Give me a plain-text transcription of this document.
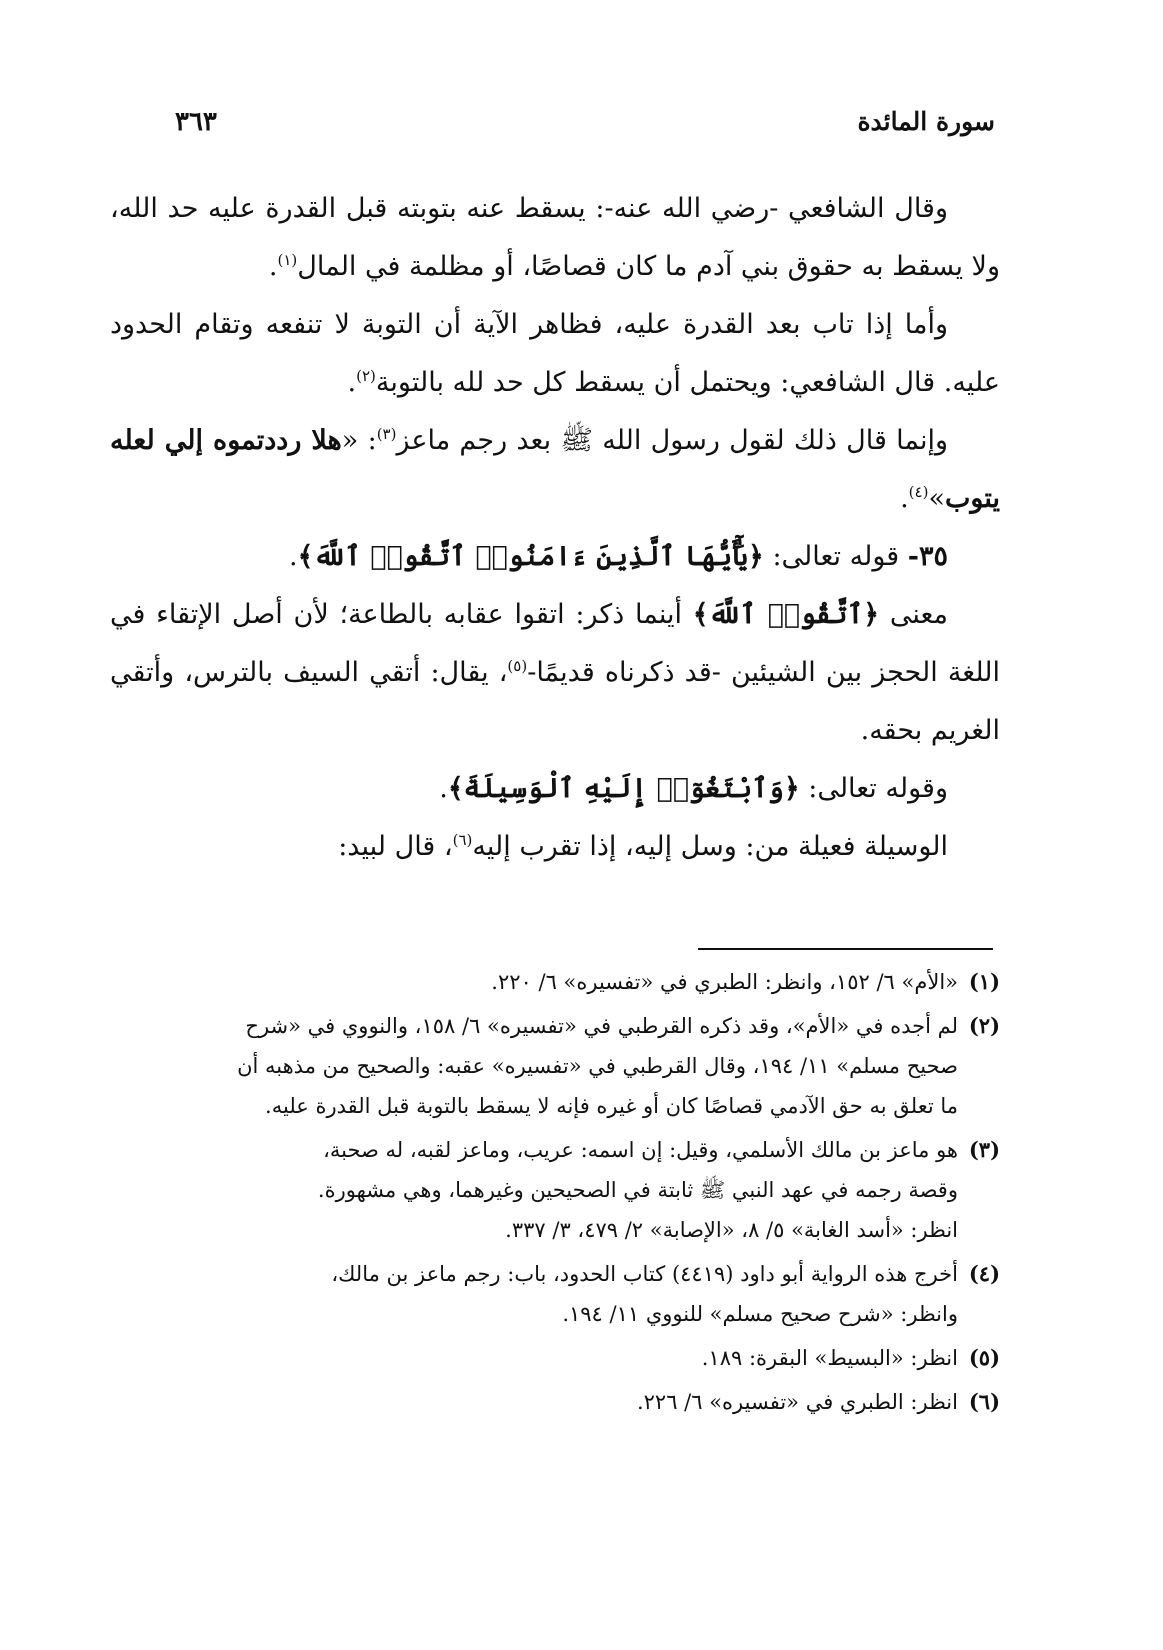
سورة المائدة
٣٦٣

وقال الشافعي -رضي الله عنه-: يسقط عنه بتوبته قبل القدرة عليه حد الله، ولا يسقط به حقوق بني آدم ما كان قصاصًا، أو مظلمة في المال$^{(١)}$.

وأما إذا تاب بعد القدرة عليه، فظاهر الآية أن التوبة لا تنفعه وتقام الحدود عليه. قال الشافعي: ويحتمل أن يسقط كل حد لله بالتوبة$^{(٢)}$.

وإنما قال ذلك لقول رسول الله ﷺ بعد رجم ماعز$^{(٣)}$: «هلا رددتموه إلي لعله يتوب»$^{(٤)}$.

٣٥- قوله تعالى: ﴿يَٰٓأَيُّهَا ٱلَّذِينَ ءَامَنُوا۟ ٱتَّقُوا۟ ٱللَّهَ﴾.

معنى ﴿ٱتَّقُوا۟ ٱللَّهَ﴾ أينما ذكر: اتقوا عقابه بالطاعة؛ لأن أصل الإتقاء في اللغة الحجز بين الشيئين -قد ذكرناه قديمًا-$^{(٥)}$، يقال: أتقي السيف بالترس، وأتقي الغريم بحقه.

وقوله تعالى: ﴿وَٱبْتَغُوٓا۟ إِلَيْهِ ٱلْوَسِيلَةَ﴾.

الوسيلة فعيلة من: وسل إليه، إذا تقرب إليه$^{(٦)}$، قال لبيد:

(١)
«الأم» ٦/ ١٥٢، وانظر: الطبري في «تفسيره» ٦/ ٢٢٠.
(٢)
لم أجده في «الأم»، وقد ذكره القرطبي في «تفسيره» ٦/ ١٥٨، والنووي في «شرح
صحيح مسلم» ١١/ ١٩٤، وقال القرطبي في «تفسيره» عقبه: والصحيح من مذهبه أن
ما تعلق به حق الآدمي قصاصًا كان أو غيره فإنه لا يسقط بالتوبة قبل القدرة عليه.
(٣)
هو ماعز بن مالك الأسلمي، وقيل: إن اسمه: عريب، وماعز لقبه، له صحبة،
وقصة رجمه في عهد النبي ﷺ ثابتة في الصحيحين وغيرهما، وهي مشهورة.
انظر: «أسد الغابة» ٥/ ٨، «الإصابة» ٢/ ٤٧٩، ٣/ ٣٣٧.
(٤)
أخرج هذه الرواية أبو داود (٤٤١٩) كتاب الحدود، باب: رجم ماعز بن مالك،
وانظر: «شرح صحيح مسلم» للنووي ١١/ ١٩٤.
(٥)
انظر: «البسيط» البقرة: ١٨٩.
(٦)
انظر: الطبري في «تفسيره» ٦/ ٢٢٦.
